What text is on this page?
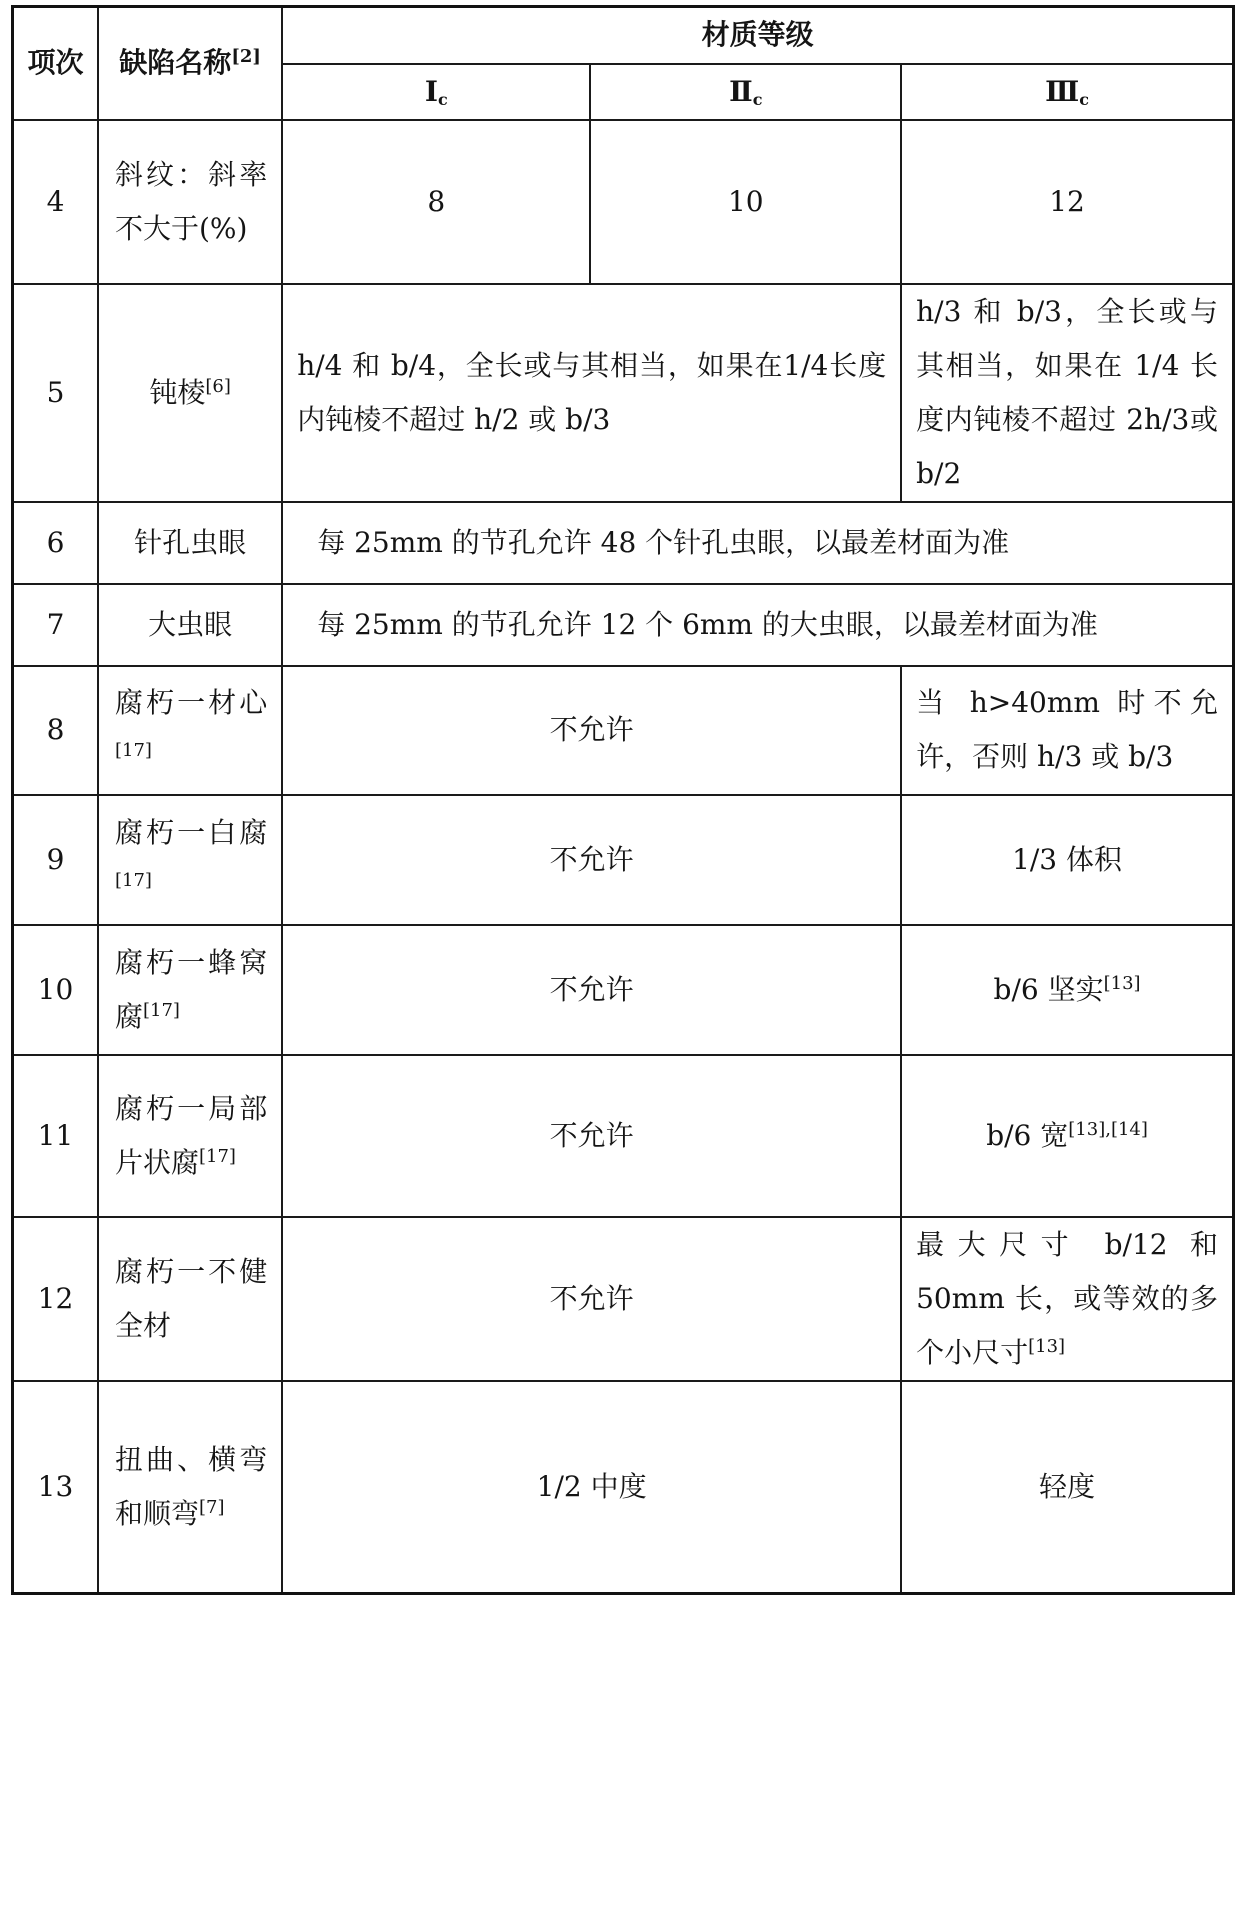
项次	缺陷名称[2]	材质等级		
		$Ⅰ_c$	$Ⅱ_c$	$Ⅲ_c$
4	斜纹：斜率不大于(%)	8	10	12
5	钝棱[6]	h/4 和 b/4，全长或与其相当，如果在1/4长度内钝棱不超过 h/2 或 b/3		h/3 和 b/3，全长或与其相当，如果在 1/4 长度内钝棱不超过 2h/3或 b/2
6	针孔虫眼	每 25mm 的节孔允许 48 个针孔虫眼，以最差材面为准		
7	大虫眼	每 25mm 的节孔允许 12 个 6mm 的大虫眼，以最差材面为准		
8	腐朽一材心[17]	不允许		当 h>40mm 时不允许，否则 h/3 或 b/3
9	腐朽一白腐[17]	不允许		1/3 体积
10	腐朽一蜂窝腐[17]	不允许		b/6 坚实[13]
11	腐朽一局部片状腐[17]	不允许		b/6 宽[13],[14]
12	腐朽一不健全材	不允许		最大尺寸 b/12 和 50mm 长，或等效的多个小尺寸[13]
13	扭曲、横弯和顺弯[7]	1/2 中度		轻度
